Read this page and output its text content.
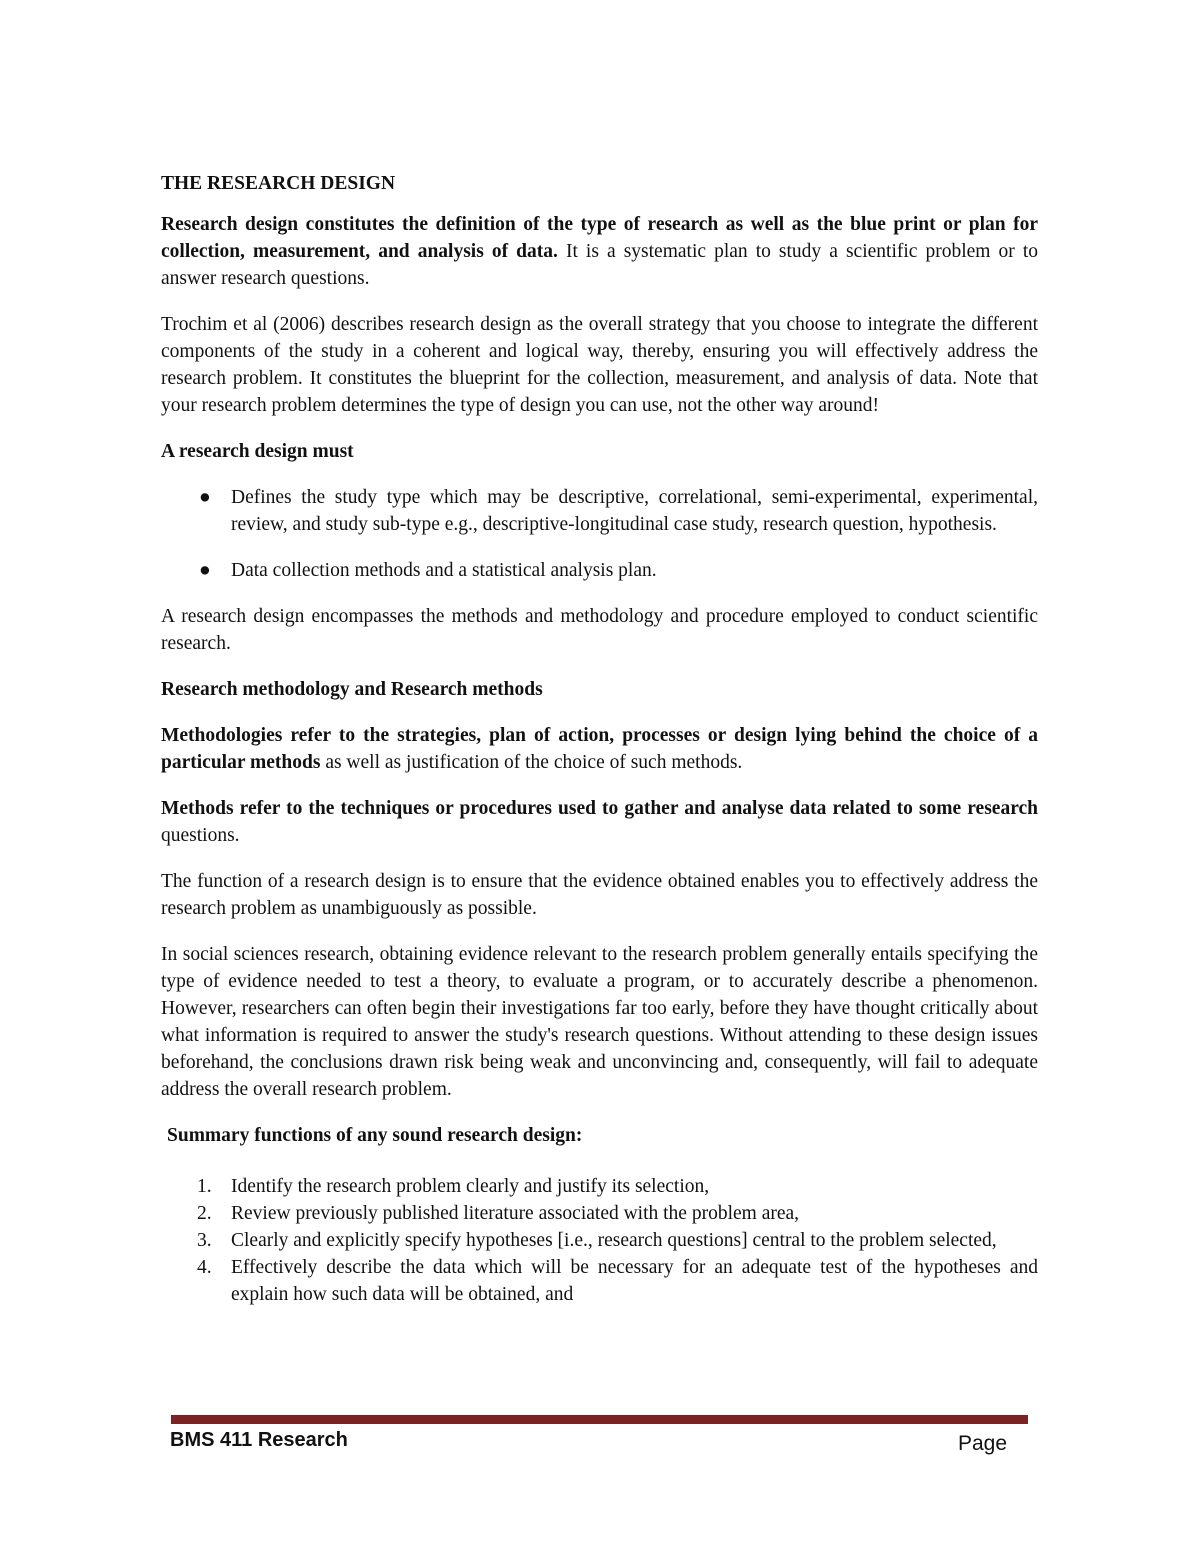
THE RESEARCH DESIGN

Research design constitutes the definition of the type of research as well as the blue print or plan for collection, measurement, and analysis of data. It is a systematic plan to study a scientific problem or to answer research questions.

Trochim et al (2006) describes research design as the overall strategy that you choose to integrate the different components of the study in a coherent and logical way, thereby, ensuring you will effectively address the research problem. It constitutes the blueprint for the collection, measurement, and analysis of data. Note that your research problem determines the type of design you can use, not the other way around!

A research design must
● Defines the study type which may be descriptive, correlational, semi-experimental, experimental, review, and study sub-type e.g., descriptive-longitudinal case study, research question, hypothesis.
● Data collection methods and a statistical analysis plan.

A research design encompasses the methods and methodology and procedure employed to conduct scientific research.

Research methodology and Research methods

Methodologies refer to the strategies, plan of action, processes or design lying behind the choice of a particular methods as well as justification of the choice of such methods.

Methods refer to the techniques or procedures used to gather and analyse data related to some research questions.

The function of a research design is to ensure that the evidence obtained enables you to effectively address the research problem as unambiguously as possible.

In social sciences research, obtaining evidence relevant to the research problem generally entails specifying the type of evidence needed to test a theory, to evaluate a program, or to accurately describe a phenomenon. However, researchers can often begin their investigations far too early, before they have thought critically about what information is required to answer the study's research questions. Without attending to these design issues beforehand, the conclusions drawn risk being weak and unconvincing and, consequently, will fail to adequate address the overall research problem.

Summary functions of any sound research design:
1. Identify the research problem clearly and justify its selection,
2. Review previously published literature associated with the problem area,
3. Clearly and explicitly specify hypotheses [i.e., research questions] central to the problem selected,
4. Effectively describe the data which will be necessary for an adequate test of the hypotheses and explain how such data will be obtained, and
BMS 411 Research	Page
